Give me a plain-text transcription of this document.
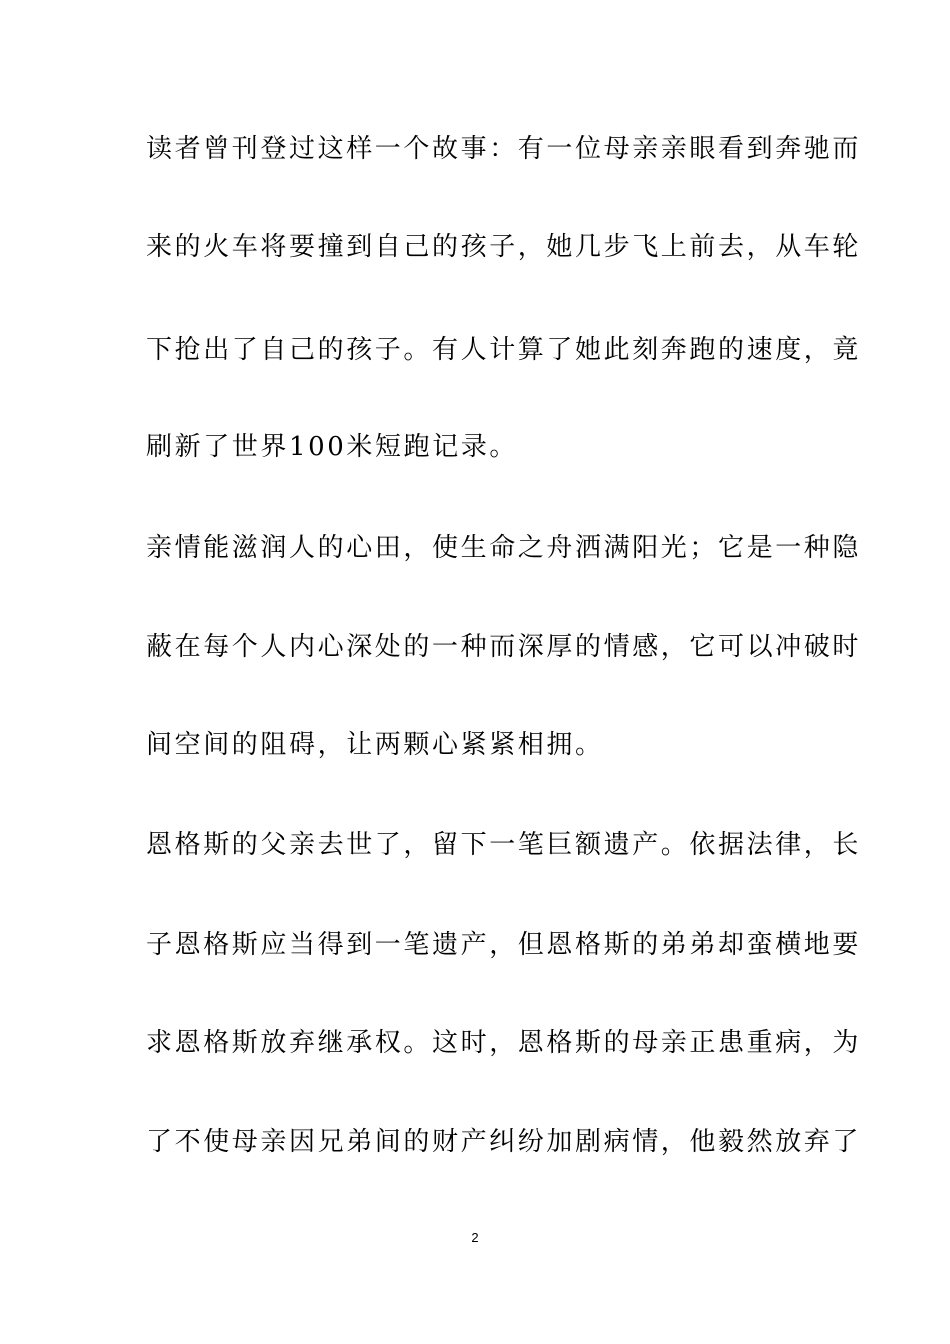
读者曾刊登过这样一个故事：有一位母亲亲眼看到奔驰而
来的火车将要撞到自己的孩子，她几步飞上前去，从车轮
下抢出了自己的孩子。有人计算了她此刻奔跑的速度，竟
刷新了世界100米短跑记录。
亲情能滋润人的心田，使生命之舟洒满阳光；它是一种隐
蔽在每个人内心深处的一种而深厚的情感，它可以冲破时
间空间的阻碍，让两颗心紧紧相拥。
恩格斯的父亲去世了，留下一笔巨额遗产。依据法律，长
子恩格斯应当得到一笔遗产，但恩格斯的弟弟却蛮横地要
求恩格斯放弃继承权。这时，恩格斯的母亲正患重病，为
了不使母亲因兄弟间的财产纠纷加剧病情，他毅然放弃了
2
